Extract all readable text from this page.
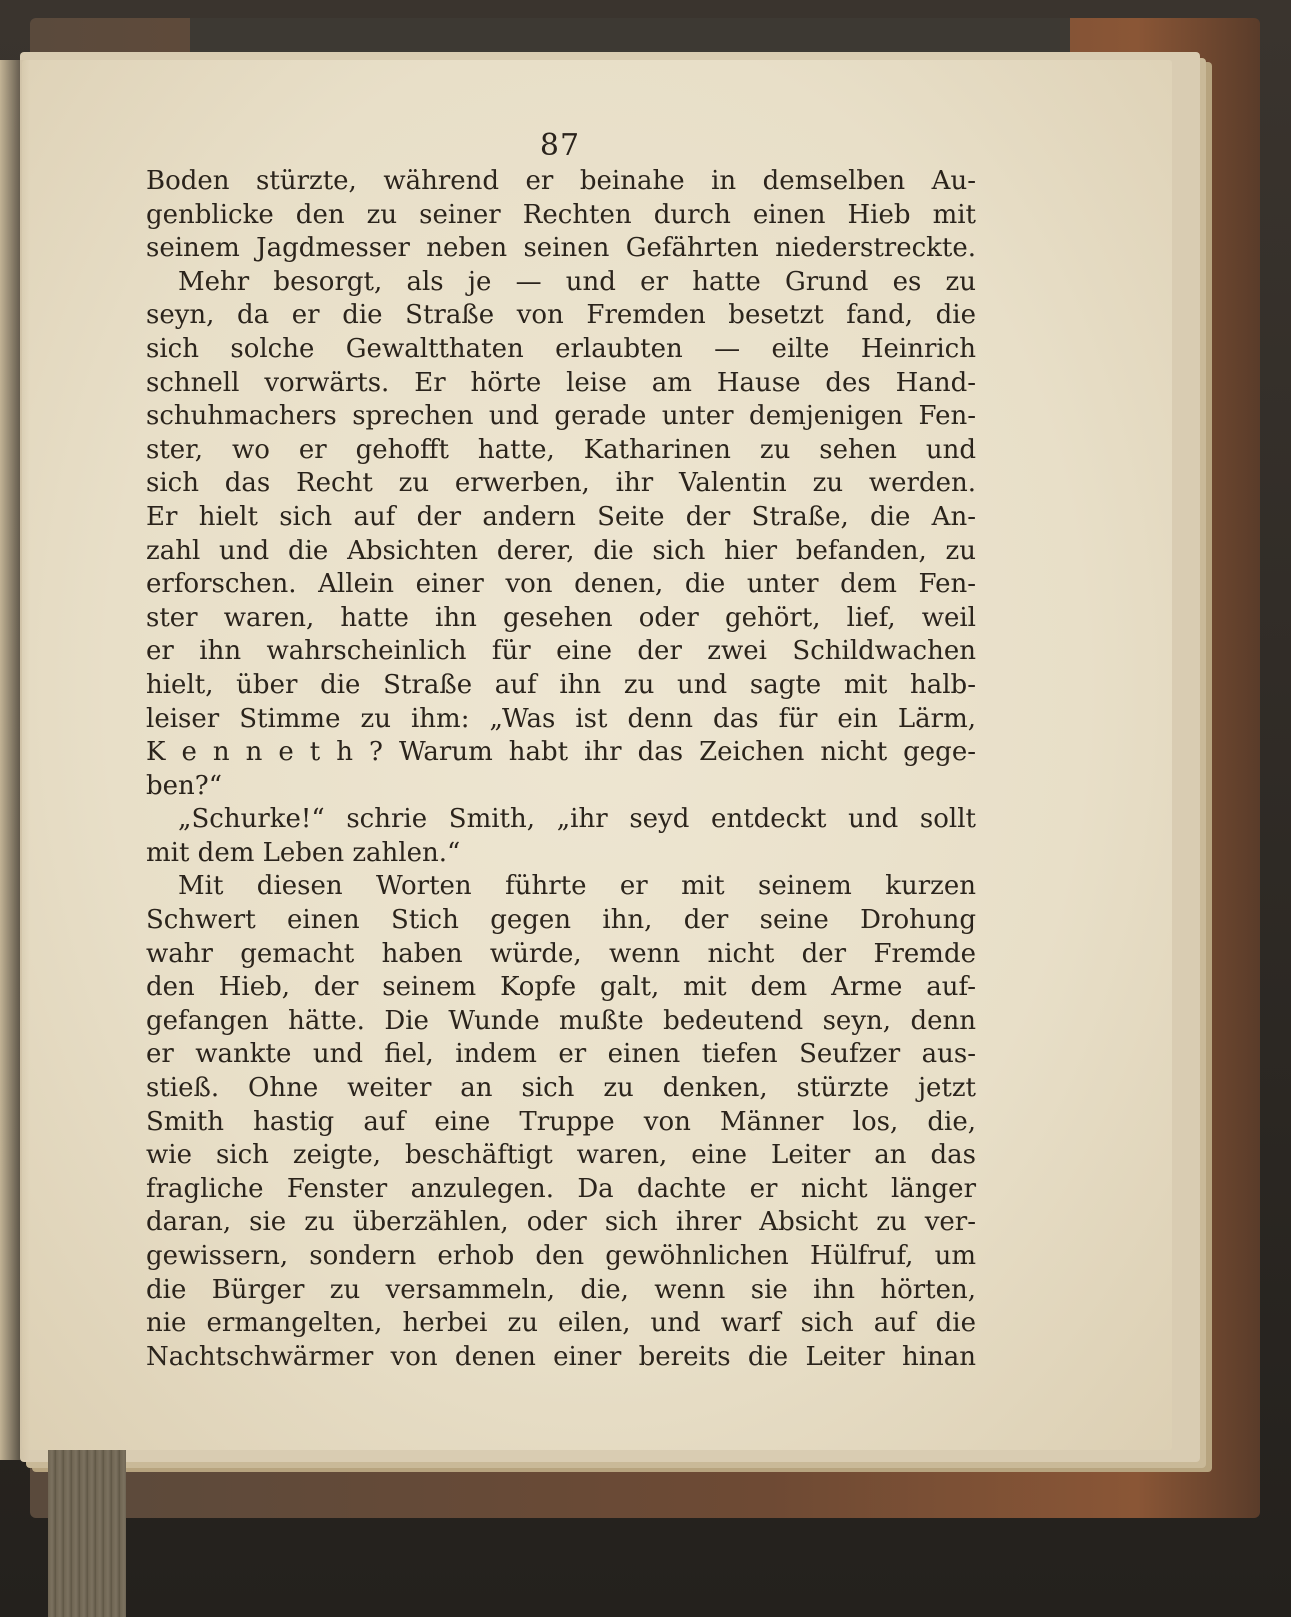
87
Boden stürzte, während er beinahe in demselben Au-
genblicke den zu seiner Rechten durch einen Hieb mit
seinem Jagdmesser neben seinen Gefährten niederstreckte.
Mehr besorgt, als je — und er hatte Grund es zu
seyn, da er die Straße von Fremden besetzt fand, die
sich solche Gewaltthaten erlaubten — eilte Heinrich
schnell vorwärts. Er hörte leise am Hause des Hand-
schuhmachers sprechen und gerade unter demjenigen Fen-
ster, wo er gehofft hatte, Katharinen zu sehen und
sich das Recht zu erwerben, ihr Valentin zu werden.
Er hielt sich auf der andern Seite der Straße, die An-
zahl und die Absichten derer, die sich hier befanden, zu
erforschen. Allein einer von denen, die unter dem Fen-
ster waren, hatte ihn gesehen oder gehört, lief, weil
er ihn wahrscheinlich für eine der zwei Schildwachen
hielt, über die Straße auf ihn zu und sagte mit halb-
leiser Stimme zu ihm: „Was ist denn das für ein Lärm,
K e n n e t h ? Warum habt ihr das Zeichen nicht gege-
ben?“
„Schurke!“ schrie Smith, „ihr seyd entdeckt und sollt
mit dem Leben zahlen.“
Mit diesen Worten führte er mit seinem kurzen
Schwert einen Stich gegen ihn, der seine Drohung
wahr gemacht haben würde, wenn nicht der Fremde
den Hieb, der seinem Kopfe galt, mit dem Arme auf-
gefangen hätte. Die Wunde mußte bedeutend seyn, denn
er wankte und fiel, indem er einen tiefen Seufzer aus-
stieß. Ohne weiter an sich zu denken, stürzte jetzt
Smith hastig auf eine Truppe von Männer los, die,
wie sich zeigte, beschäftigt waren, eine Leiter an das
fragliche Fenster anzulegen. Da dachte er nicht länger
daran, sie zu überzählen, oder sich ihrer Absicht zu ver-
gewissern, sondern erhob den gewöhnlichen Hülfruf, um
die Bürger zu versammeln, die, wenn sie ihn hörten,
nie ermangelten, herbei zu eilen, und warf sich auf die
Nachtschwärmer von denen einer bereits die Leiter hinan
